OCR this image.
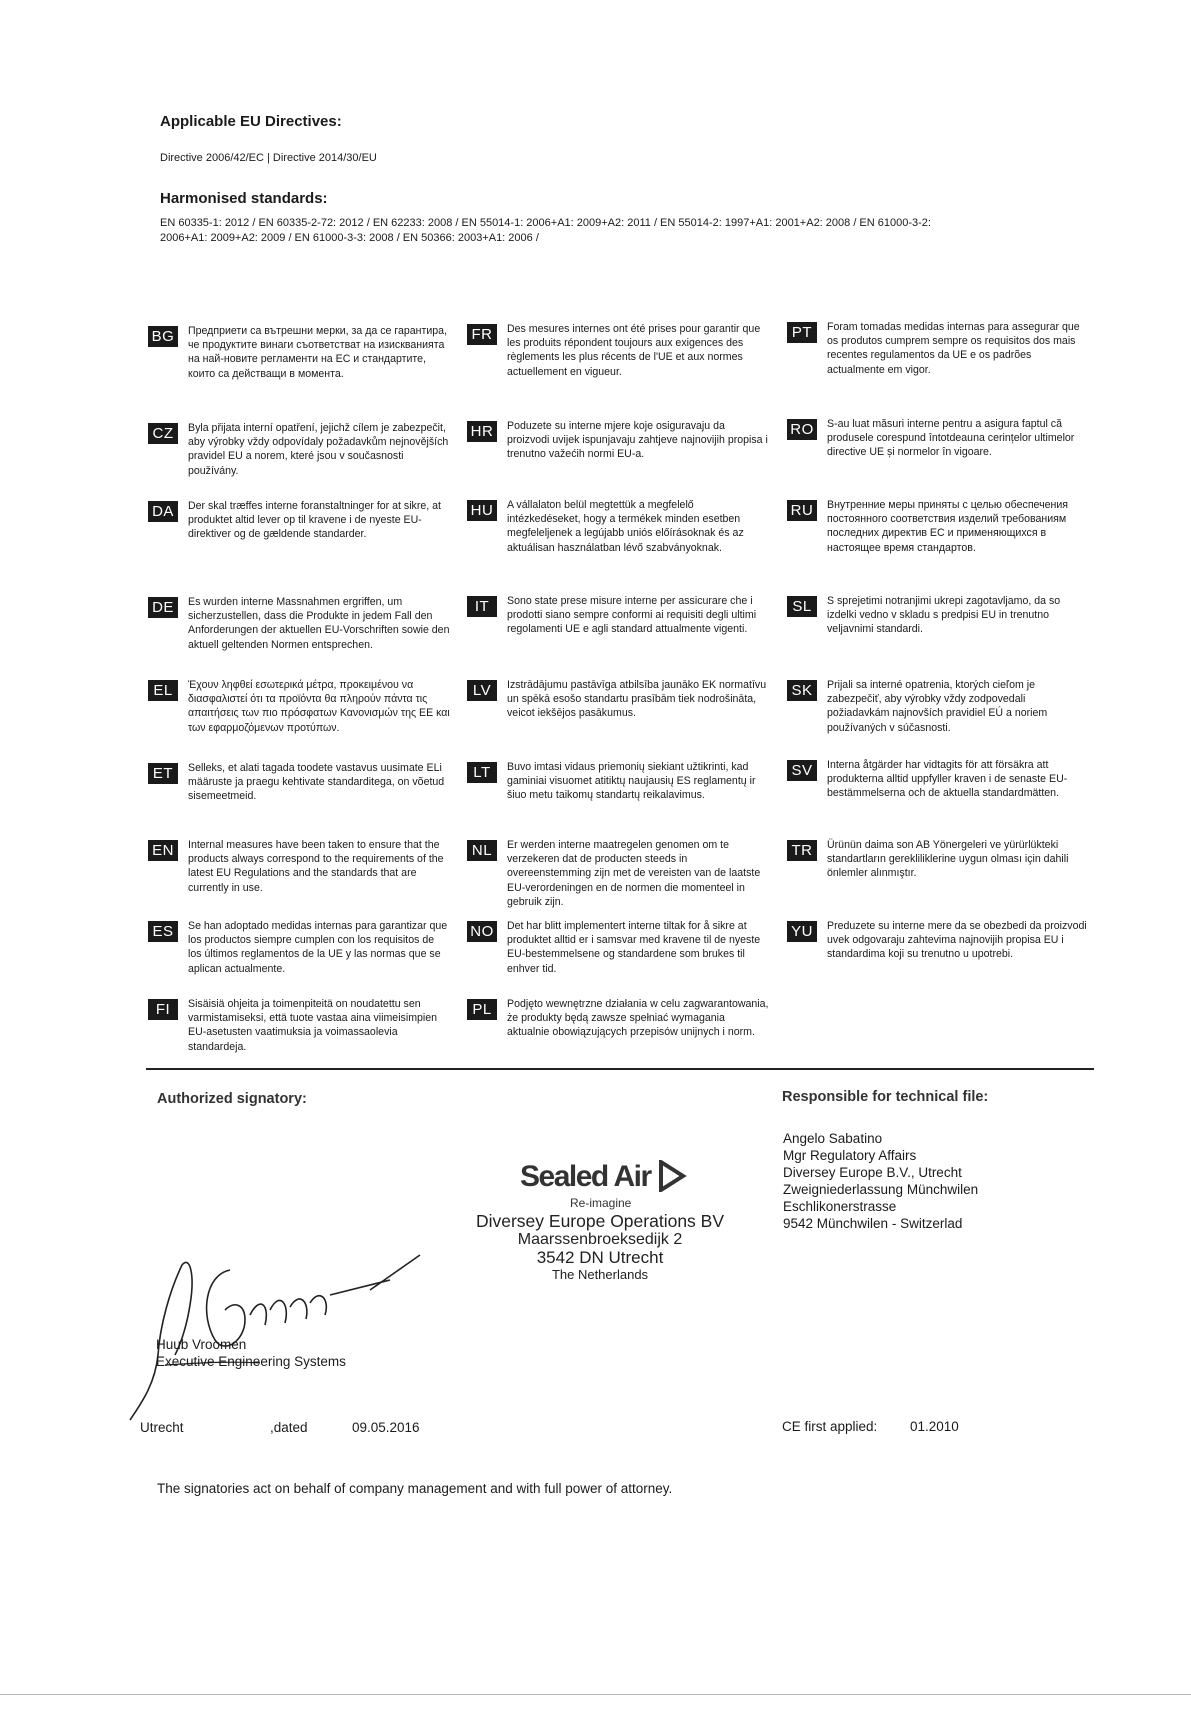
Applicable EU Directives:
Directive 2006/42/EC | Directive 2014/30/EU
Harmonised standards:
EN 60335-1: 2012 / EN 60335-2-72: 2012 / EN 62233: 2008 / EN 55014-1: 2006+A1: 2009+A2: 2011 / EN 55014-2: 1997+A1: 2001+A2: 2008 / EN 61000-3-2:
2006+A1: 2009+A2: 2009 / EN 61000-3-3: 2008 / EN 50366: 2003+A1: 2006 /
BG	Предприети са вътрешни мерки, за да се гарантира, че продуктите винаги съответстват на изискванията на най-новите регламенти на ЕС и стандартите, които са действащи в момента.
FR	Des mesures internes ont été prises pour garantir que les produits répondent toujours aux exigences des règlements les plus récents de l'UE et aux normes actuellement en vigueur.
PT	Foram tomadas medidas internas para assegurar que os produtos cumprem sempre os requisitos dos mais recentes regulamentos da UE e os padrões actualmente em vigor.
CZ	Byla přijata interní opatření, jejichž cílem je zabezpečit, aby výrobky vždy odpovídaly požadavkům nejnovějších pravidel EU a norem, které jsou v současnosti používány.
HR	Poduzete su interne mjere koje osiguravaju da proizvodi uvijek ispunjavaju zahtjeve najnovijih propisa i trenutno važećih normi EU-a.
RO	S-au luat măsuri interne pentru a asigura faptul că produsele corespund întotdeauna cerințelor ultimelor directive UE și normelor în vigoare.
DA	Der skal træffes interne foranstaltninger for at sikre, at produktet altid lever op til kravene i de nyeste EU-direktiver og de gældende standarder.
HU	A vállalaton belül megtettük a megfelelő intézkedéseket, hogy a termékek minden esetben megfeleljenek a legújabb uniós előírásoknak és az aktuálisan használatban lévő szabványoknak.
RU	Внутренние меры приняты с целью обеспечения постоянного соответствия изделий требованиям последних директив ЕС и применяющихся в настоящее время стандартов.
DE	Es wurden interne Massnahmen ergriffen, um sicherzustellen, dass die Produkte in jedem Fall den Anforderungen der aktuellen EU-Vorschriften sowie den aktuell geltenden Normen entsprechen.
IT	Sono state prese misure interne per assicurare che i prodotti siano sempre conformi ai requisiti degli ultimi regolamenti UE e agli standard attualmente vigenti.
SL	S sprejetimi notranjimi ukrepi zagotavljamo, da so izdelki vedno v skladu s predpisi EU in trenutno veljavnimi standardi.
EL	Έχουν ληφθεί εσωτερικά μέτρα, προκειμένου να διασφαλιστεί ότι τα προϊόντα θα πληρούν πάντα τις απαιτήσεις των πιο πρόσφατων Κανονισμών της ΕΕ και των εφαρμοζόμενων προτύπων.
LV	Izstrādājumu pastāvīga atbilsība jaunāko EK normatīvu un spēkā esošo standartu prasībām tiek nodrošināta, veicot iekšējos pasākumus.
SK	Prijali sa interné opatrenia, ktorých cieľom je zabezpečiť, aby výrobky vždy zodpovedali požiadavkám najnovších pravidiel EÚ a noriem používaných v súčasnosti.
ET	Selleks, et alati tagada toodete vastavus uusimate ELi määruste ja praegu kehtivate standarditega, on võetud sisemeetmeid.
LT	Buvo imtasi vidaus priemonių siekiant užtikrinti, kad gaminiai visuomet atitiktų naujausių ES reglamentų ir šiuo metu taikomų standartų reikalavimus.
SV	Interna åtgärder har vidtagits för att försäkra att produkterna alltid uppfyller kraven i de senaste EU-bestämmelserna och de aktuella standardmätten.
EN	Internal measures have been taken to ensure that the products always correspond to the requirements of the latest EU Regulations and the standards that are currently in use.
NL	Er werden interne maatregelen genomen om te verzekeren dat de producten steeds in overeenstemming zijn met de vereisten van de laatste EU-verordeningen en de normen die momenteel in gebruik zijn.
TR	Ürünün daima son AB Yönergeleri ve yürürlükteki standartların gerekliliklerine uygun olması için dahili önlemler alınmıştır.
ES	Se han adoptado medidas internas para garantizar que los productos siempre cumplen con los requisitos de los últimos reglamentos de la UE y las normas que se aplican actualmente.
NO	Det har blitt implementert interne tiltak for å sikre at produktet alltid er i samsvar med kravene til de nyeste EU-bestemmelsene og standardene som brukes til enhver tid.
YU	Preduzete su interne mere da se obezbedi da proizvodi uvek odgovaraju zahtevima najnovijih propisa EU i standardima koji su trenutno u upotrebi.
FI	Sisäisiä ohjeita ja toimenpiteitä on noudatettu sen varmistamiseksi, että tuote vastaa aina viimeisimpien EU-asetusten vaatimuksia ja voimassaolevia standardeja.
PL	Podjęto wewnętrzne działania w celu zagwarantowania, że produkty będą zawsze spełniać wymagania aktualnie obowiązujących przepisów unijnych i norm.
Authorized signatory:
Huub Vroomen
Executive Engineering Systems
Utrecht	,dated	09.05.2016
Sealed Air
Re-imagine
Diversey Europe Operations BV
Maarssenbroeksedijk 2
3542 DN Utrecht
The Netherlands
Responsible for technical file:
Angelo Sabatino
Mgr Regulatory Affairs
Diversey Europe B.V., Utrecht
Zweigniederlassung Münchwilen
Eschlikonerstrasse
9542 Münchwilen - Switzerlad
CE first applied: 01.2010
The signatories act on behalf of company management and with full power of attorney.
